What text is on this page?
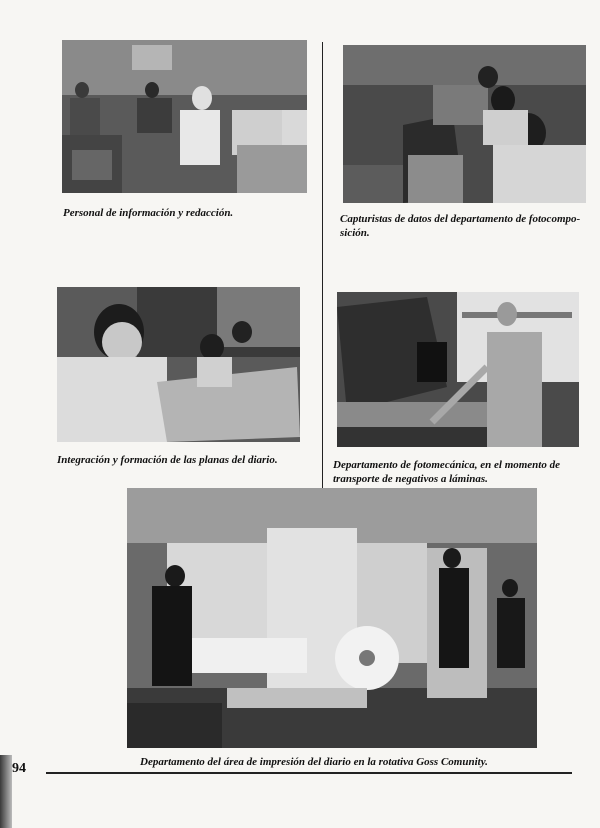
Personal de información y redacción.	Capturistas de datos del departamento de fotocompo-sición.

Integración y formación de las planas del diario.	Departamento de fotomecánica, en el momento de transporte de negativos a láminas.

Departamento del área de impresión del diario en la rotativa Goss Comunity.

94
